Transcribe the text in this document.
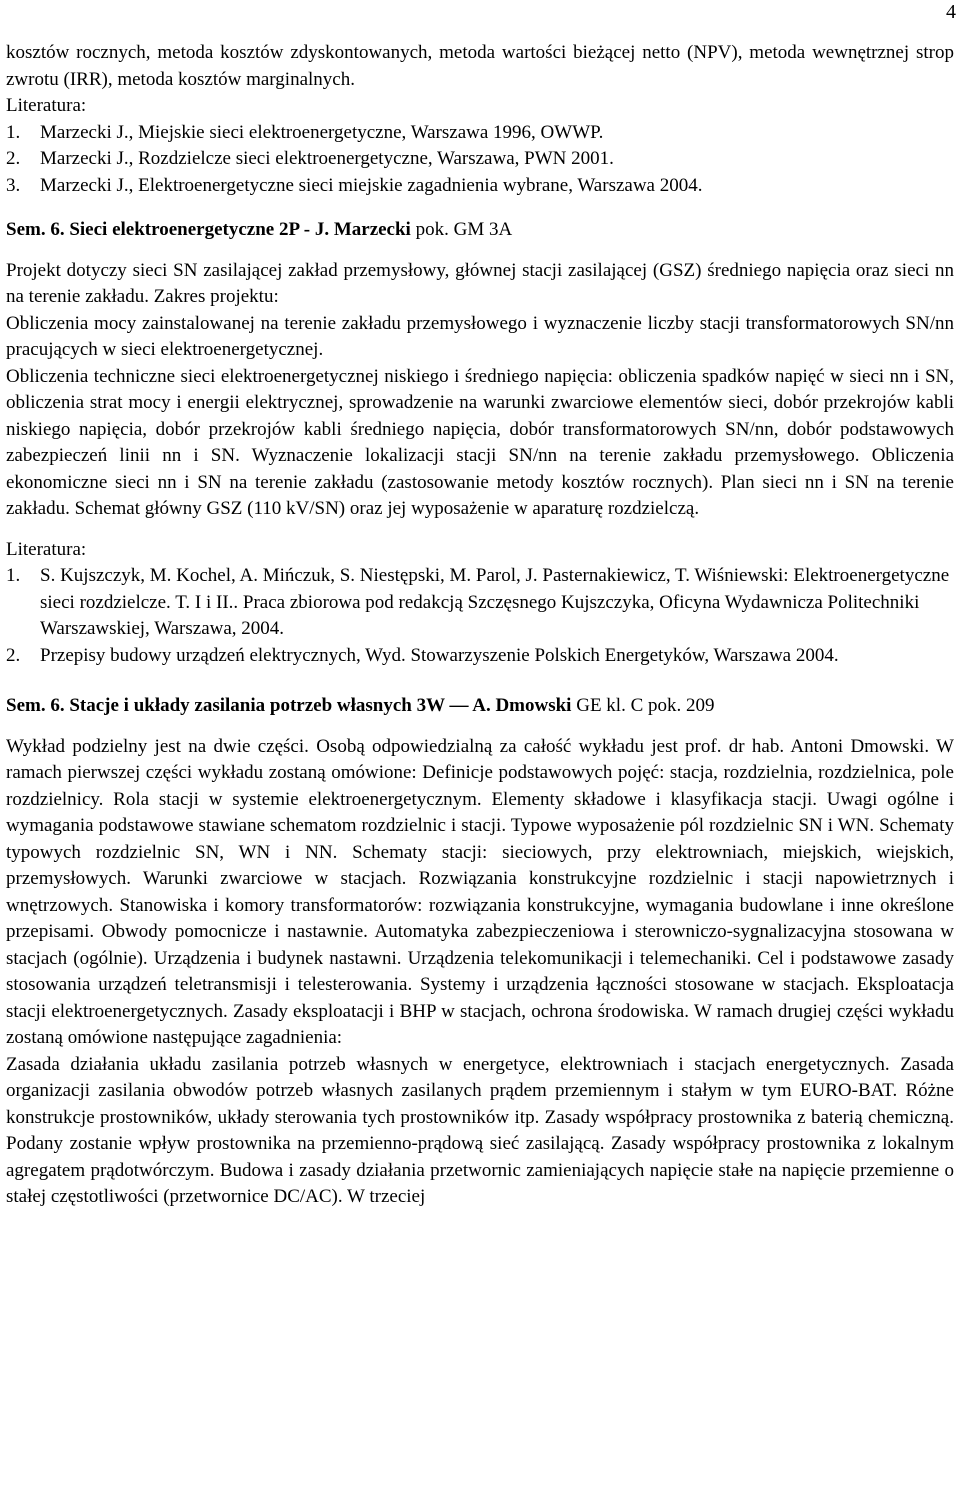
4

kosztów rocznych, metoda kosztów zdyskontowanych, metoda wartości bieżącej netto (NPV), metoda wewnętrznej strop zwrotu (IRR), metoda kosztów marginalnych.

Literatura:

1. Marzecki J., Miejskie sieci elektroenergetyczne, Warszawa 1996, OWWP.
2. Marzecki J., Rozdzielcze sieci elektroenergetyczne, Warszawa, PWN 2001.
3. Marzecki J., Elektroenergetyczne sieci miejskie zagadnienia wybrane, Warszawa 2004.

Sem. 6. Sieci elektroenergetyczne 2P - J. Marzecki pok. GM 3A

Projekt dotyczy sieci SN zasilającej zakład przemysłowy, głównej stacji zasilającej (GSZ) średniego napięcia oraz sieci nn na terenie zakładu. Zakres projektu:

Obliczenia mocy zainstalowanej na terenie zakładu przemysłowego i wyznaczenie liczby stacji transformatorowych SN/nn pracujących w sieci elektroenergetycznej.

Obliczenia techniczne sieci elektroenergetycznej niskiego i średniego napięcia: obliczenia spadków napięć w sieci nn i SN, obliczenia strat mocy i energii elektrycznej, sprowadzenie na warunki zwarciowe elementów sieci, dobór przekrojów kabli niskiego napięcia, dobór przekrojów kabli średniego napięcia, dobór transformatorowych SN/nn, dobór podstawowych zabezpieczeń linii nn i SN. Wyznaczenie lokalizacji stacji SN/nn na terenie zakładu przemysłowego. Obliczenia ekonomiczne sieci nn i SN na terenie zakładu (zastosowanie metody kosztów rocznych). Plan sieci nn i SN na terenie zakładu. Schemat główny GSZ (110 kV/SN) oraz jej wyposażenie w aparaturę rozdzielczą.

Literatura:

1. S. Kujszczyk, M. Kochel, A. Mińczuk, S. Niestępski, M. Parol, J. Pasternakiewicz, T. Wiśniewski: Elektroenergetyczne sieci rozdzielcze. T. I i II.. Praca zbiorowa pod redakcją Szczęsnego Kujszczyka, Oficyna Wydawnicza Politechniki Warszawskiej, Warszawa, 2004.
2. Przepisy budowy urządzeń elektrycznych, Wyd. Stowarzyszenie Polskich Energetyków, Warszawa 2004.

Sem. 6. Stacje i układy zasilania potrzeb własnych 3W — A. Dmowski GE kl. C pok. 209

Wykład podzielny jest na dwie części. Osobą odpowiedzialną za całość wykładu jest prof. dr hab. Antoni Dmowski. W ramach pierwszej części wykładu zostaną omówione: Definicje podstawowych pojęć: stacja, rozdzielnia, rozdzielnica, pole rozdzielnicy. Rola stacji w systemie elektroenergetycznym. Elementy składowe i klasyfikacja stacji. Uwagi ogólne i wymagania podstawowe stawiane schematom rozdzielnic i stacji. Typowe wyposażenie pól rozdzielnic SN i WN. Schematy typowych rozdzielnic SN, WN i NN. Schematy stacji: sieciowych, przy elektrowniach, miejskich, wiejskich, przemysłowych. Warunki zwarciowe w stacjach. Rozwiązania konstrukcyjne rozdzielnic i stacji napowietrznych i wnętrzowych. Stanowiska i komory transformatorów: rozwiązania konstrukcyjne, wymagania budowlane i inne określone przepisami. Obwody pomocnicze i nastawnie. Automatyka zabezpieczeniowa i sterowniczo-sygnalizacyjna stosowana w stacjach (ogólnie). Urządzenia i budynek nastawni. Urządzenia telekomunikacji i telemechaniki. Cel i podstawowe zasady stosowania urządzeń teletransmisji i telesterowania. Systemy i urządzenia łączności stosowane w stacjach. Eksploatacja stacji elektroenergetycznych. Zasady eksploatacji i BHP w stacjach, ochrona środowiska. W ramach drugiej części wykładu zostaną omówione następujące zagadnienia:

Zasada działania układu zasilania potrzeb własnych w energetyce, elektrowniach i stacjach energetycznych. Zasada organizacji zasilania obwodów potrzeb własnych zasilanych prądem przemiennym i stałym w tym EURO-BAT. Różne konstrukcje prostowników, układy sterowania tych prostowników itp. Zasady współpracy prostownika z baterią chemiczną. Podany zostanie wpływ prostownika na przemienno-prądową sieć zasilającą. Zasady współpracy prostownika z lokalnym agregatem prądotwórczym. Budowa i zasady działania przetwornic zamieniających napięcie stałe na napięcie przemienne o stałej częstotliwości (przetwornice DC/AC). W trzeciej
